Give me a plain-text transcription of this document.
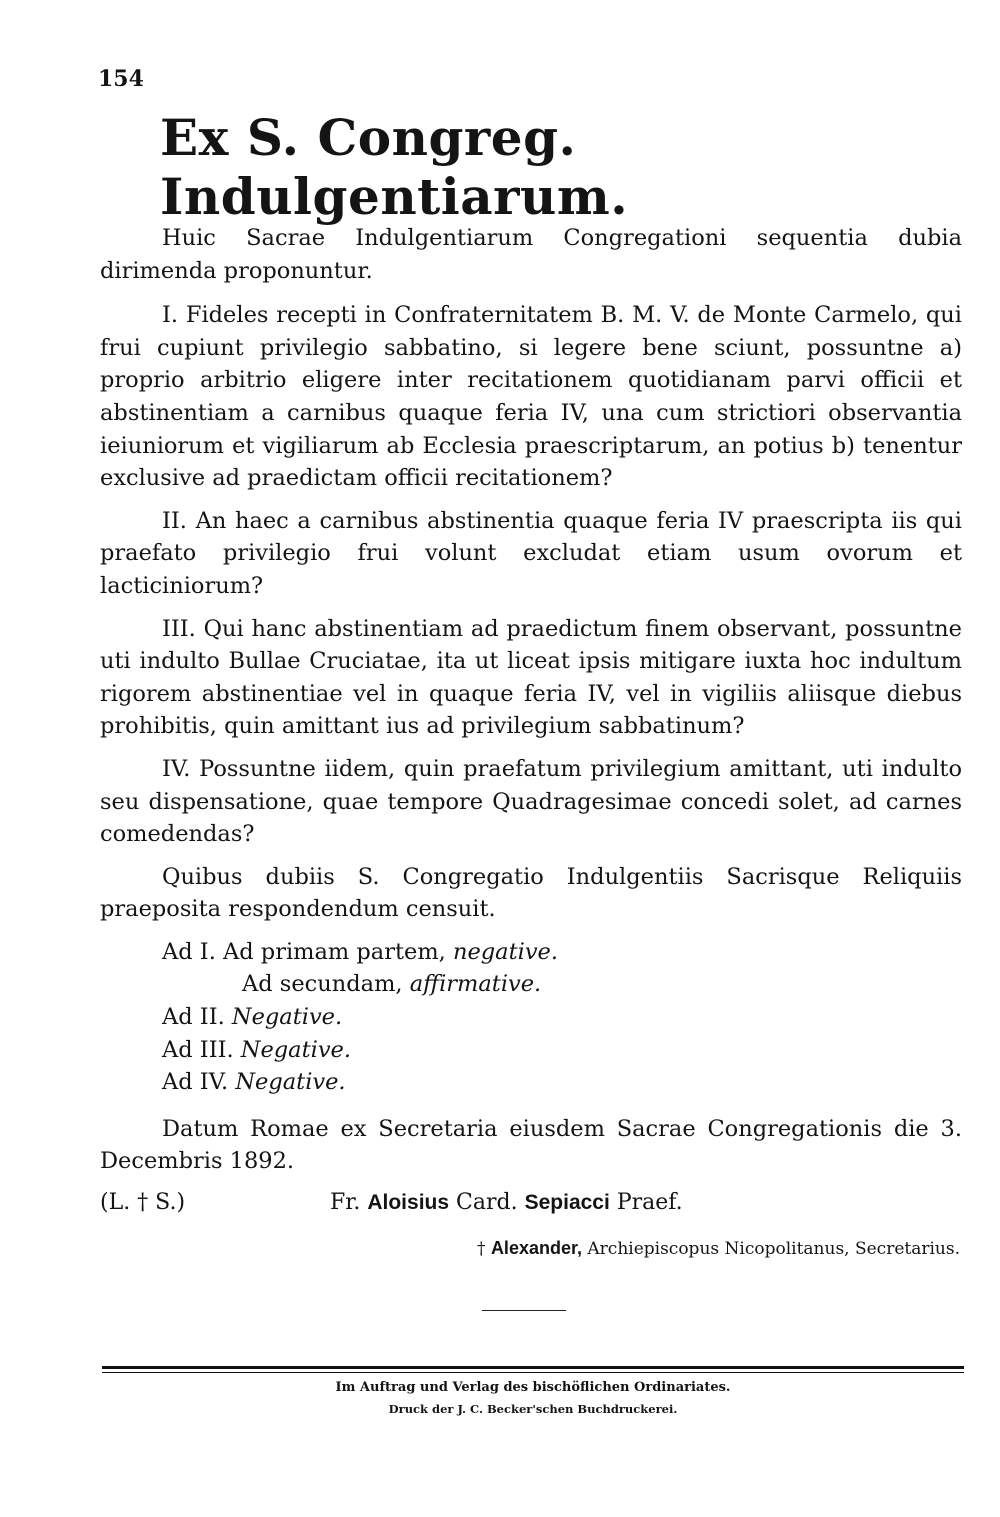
154
Ex S. Congreg. Indulgentiarum.

Huic Sacrae Indulgentiarum Congregationi sequentia dubia dirimenda proponuntur.

I. Fideles recepti in Confraternitatem B. M. V. de Monte Carmelo, qui frui cupiunt privilegio sabbatino, si legere bene sciunt, possuntne a) proprio arbitrio eligere inter recitationem quotidianam parvi officii et abstinentiam a carnibus quaque feria IV, una cum strictiori observantia ieiuniorum et vigiliarum ab Ecclesia praescriptarum, an potius b) tenentur exclusive ad praedictam officii recitationem?

II. An haec a carnibus abstinentia quaque feria IV praescripta iis qui praefato privilegio frui volunt excludat etiam usum ovorum et lacticiniorum?

III. Qui hanc abstinentiam ad praedictum finem observant, possuntne uti indulto Bullae Cruciatae, ita ut liceat ipsis mitigare iuxta hoc indultum rigorem abstinentiae vel in quaque feria IV, vel in vigiliis aliisque diebus prohibitis, quin amittant ius ad privilegium sabbatinum?

IV. Possuntne iidem, quin praefatum privilegium amittant, uti indulto seu dispensatione, quae tempore Quadragesimae concedi solet, ad carnes comedendas?

Quibus dubiis S. Congregatio Indulgentiis Sacrisque Reliquiis praeposita respondendum censuit.

Ad I. Ad primam partem, negative.
Ad secundam, affirmative.
Ad II. Negative.
Ad III. Negative.
Ad IV. Negative.

Datum Romae ex Secretaria eiusdem Sacrae Congregationis die 3. Decembris 1892.

(L. † S.)	Fr. Aloisius Card. Sepiacci Praef.
† Alexander, Archiepiscopus Nicopolitanus, Secretarius.
Im Auftrag und Verlag des bischöflichen Ordinariates.
Druck der J. C. Becker'schen Buchdruckerei.
